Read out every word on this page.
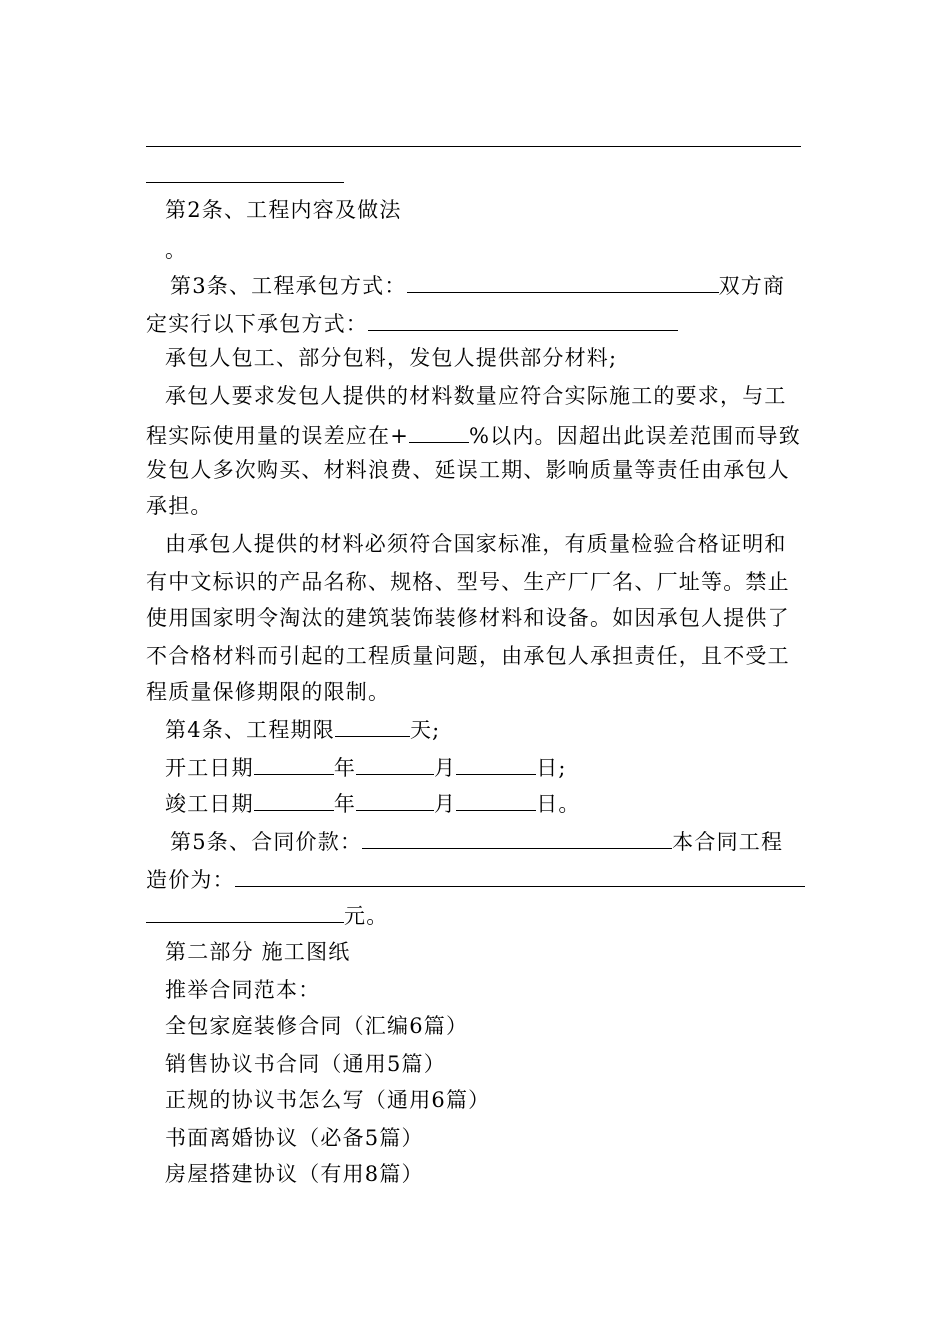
第2条、工程内容及做法
。
第3条、工程承包方式：	双方商
定实行以下承包方式：
承包人包工、部分包料，发包人提供部分材料;
承包人要求发包人提供的材料数量应符合实际施工的要求，与工
程实际使用量的误差应在+	%以内。因超出此误差范围而导致
发包人多次购买、材料浪费、延误工期、影响质量等责任由承包人
承担。
由承包人提供的材料必须符合国家标准，有质量检验合格证明和
有中文标识的产品名称、规格、型号、生产厂厂名、厂址等。禁止
使用国家明令淘汰的建筑装饰装修材料和设备。如因承包人提供了
不合格材料而引起的工程质量问题，由承包人承担责任，且不受工
程质量保修期限的限制。
第4条、工程期限	天;
开工日期	年	月	日;
竣工日期	年	月	日。
第5条、合同价款：	本合同工程
造价为：
元。
第二部分 施工图纸
推举合同范本：
全包家庭装修合同（汇编6篇）
销售协议书合同（通用5篇）
正规的协议书怎么写（通用6篇）
书面离婚协议（必备5篇）
房屋搭建协议（有用8篇）
